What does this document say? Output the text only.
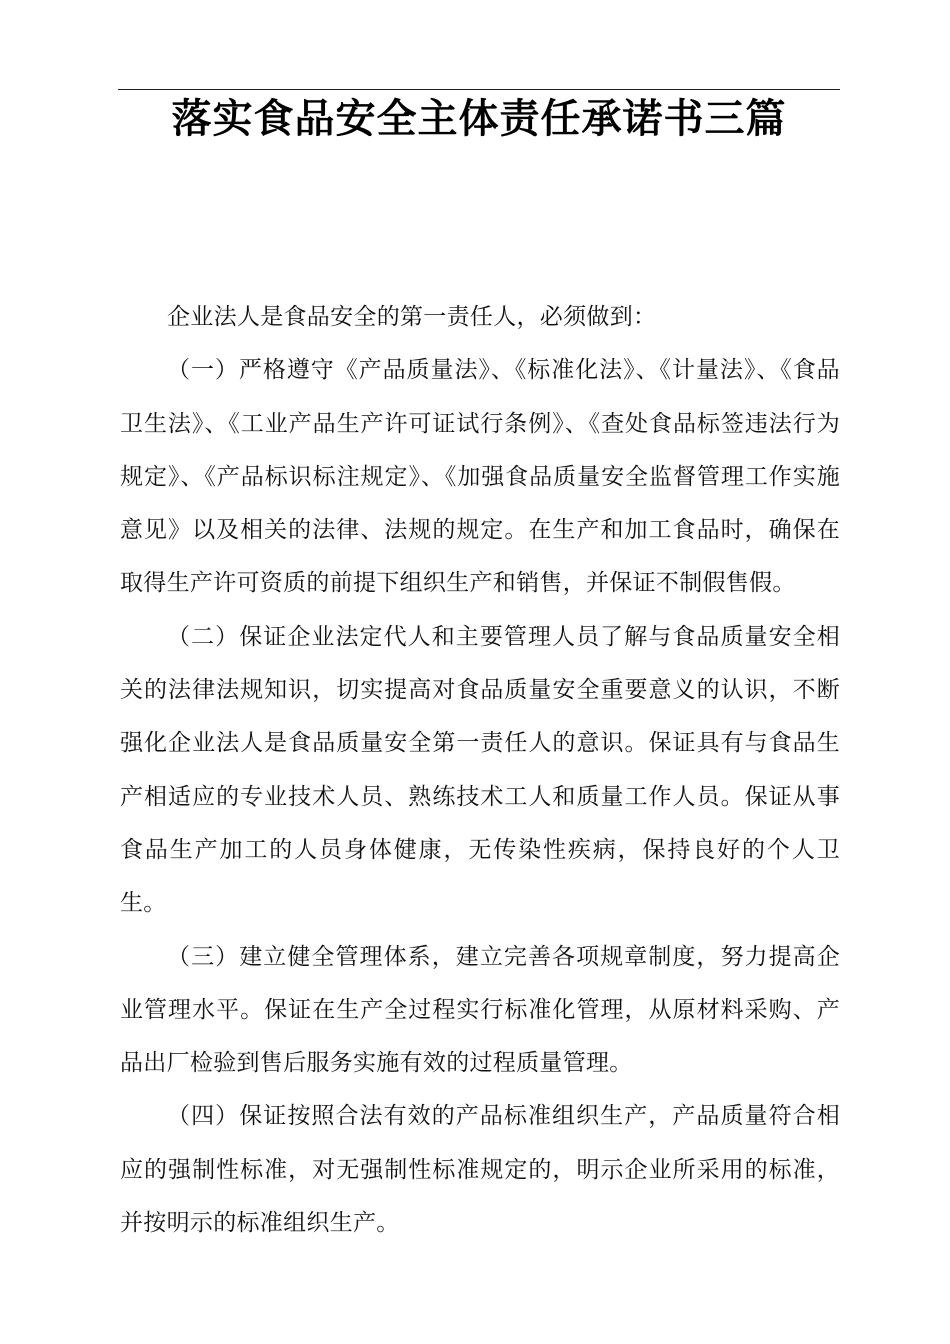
落实食品安全主体责任承诺书三篇

企业法人是食品安全的第一责任人，必须做到：

（一）严格遵守《产品质量法》、《标准化法》、《计量法》、《食品卫生法》、《工业产品生产许可证试行条例》、《查处食品标签违法行为规定》、《产品标识标注规定》、《加强食品质量安全监督管理工作实施意见》以及相关的法律、法规的规定。在生产和加工食品时，确保在取得生产许可资质的前提下组织生产和销售，并保证不制假售假。

（二）保证企业法定代人和主要管理人员了解与食品质量安全相关的法律法规知识，切实提高对食品质量安全重要意义的认识，不断强化企业法人是食品质量安全第一责任人的意识。保证具有与食品生产相适应的专业技术人员、熟练技术工人和质量工作人员。保证从事食品生产加工的人员身体健康，无传染性疾病，保持良好的个人卫生。

（三）建立健全管理体系，建立完善各项规章制度，努力提高企业管理水平。保证在生产全过程实行标准化管理，从原材料采购、产品出厂检验到售后服务实施有效的过程质量管理。

（四）保证按照合法有效的产品标准组织生产，产品质量符合相应的强制性标准，对无强制性标准规定的，明示企业所采用的标准，并按明示的标准组织生产。
